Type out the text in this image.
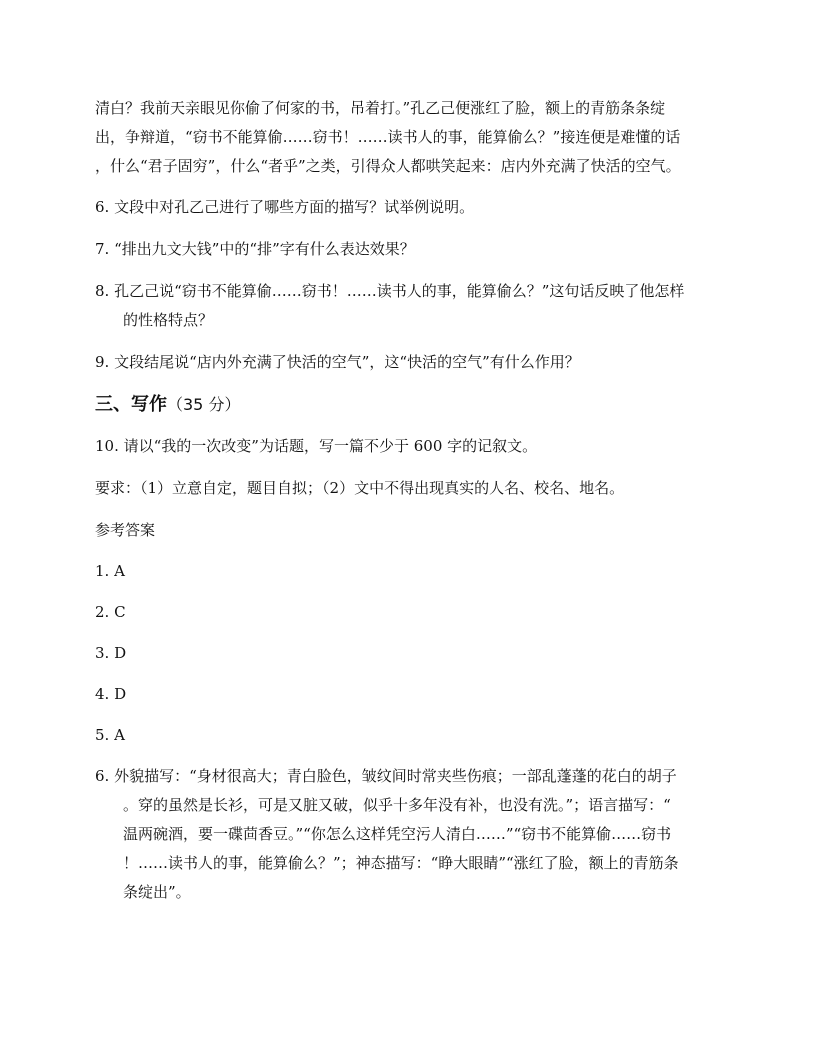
清白？我前天亲眼见你偷了何家的书，吊着打。”孔乙己便涨红了脸，额上的青筋条条绽

出，争辩道，“窃书不能算偷……窃书！……读书人的事，能算偷么？”接连便是难懂的话

，什么“君子固穷”，什么“者乎”之类，引得众人都哄笑起来：店内外充满了快活的空气。

6. 文段中对孔乙己进行了哪些方面的描写？试举例说明。

7. “排出九文大钱”中的“排”字有什么表达效果？

8. 孔乙己说“窃书不能算偷……窃书！……读书人的事，能算偷么？”这句话反映了他怎样
的性格特点？

9. 文段结尾说“店内外充满了快活的空气”，这“快活的空气”有什么作用？

三、写作（35 分）

10. 请以“我的一次改变”为话题，写一篇不少于 600 字的记叙文。

要求：（1）立意自定，题目自拟；（2）文中不得出现真实的人名、校名、地名。

参考答案

1. A

2. C

3. D

4. D

5. A

6. 外貌描写：“身材很高大；青白脸色，皱纹间时常夹些伤痕；一部乱蓬蓬的花白的胡子
。穿的虽然是长衫，可是又脏又破，似乎十多年没有补，也没有洗。”；语言描写：“
温两碗酒，要一碟茴香豆。”“你怎么这样凭空污人清白……”“窃书不能算偷……窃书
！……读书人的事，能算偷么？”；神态描写：“睁大眼睛”“涨红了脸，额上的青筋条
条绽出”。
